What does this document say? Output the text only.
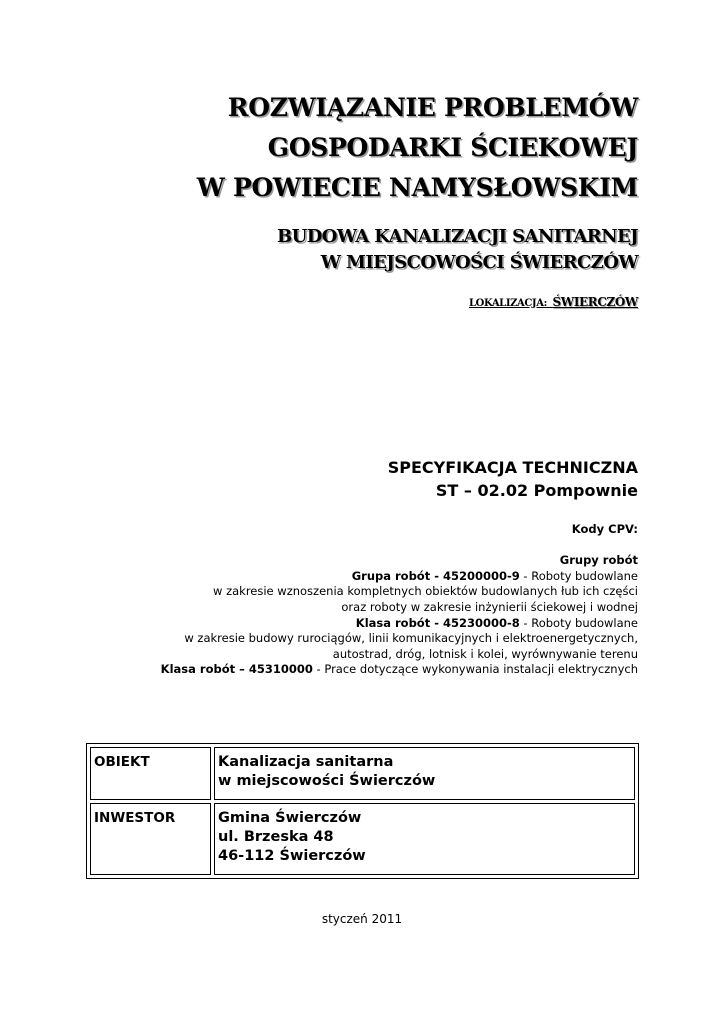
ROZWIĄZANIE PROBLEMÓW
GOSPODARKI ŚCIEKOWEJ
W POWIECIE NAMYSŁOWSKIM
BUDOWA KANALIZACJI SANITARNEJ
W MIEJSCOWOŚCI ŚWIERCZÓW
LOKALIZACJA: ŚWIERCZÓW
SPECYFIKACJA TECHNICZNA
ST – 02.02 Pompownie
Kody CPV:
Grupy robót
Grupa robót - 45200000-9 - Roboty budowlane
w zakresie wznoszenia kompletnych obiektów budowlanych łub ich części
oraz roboty w zakresie inżynierii ściekowej i wodnej
Klasa robót - 45230000-8 - Roboty budowlane
w zakresie budowy rurociągów, linii komunikacyjnych i elektroenergetycznych,
autostrad, dróg, lotnisk i kolei, wyrównywanie terenu
Klasa robót – 45310000 - Prace dotyczące wykonywania instalacji elektrycznych
OBIEKT	Kanalizacja sanitarna
w miejscowości Świerczów

INWESTOR	Gmina Świerczów
ul. Brzeska 48
46-112 Świerczów
styczeń 2011
